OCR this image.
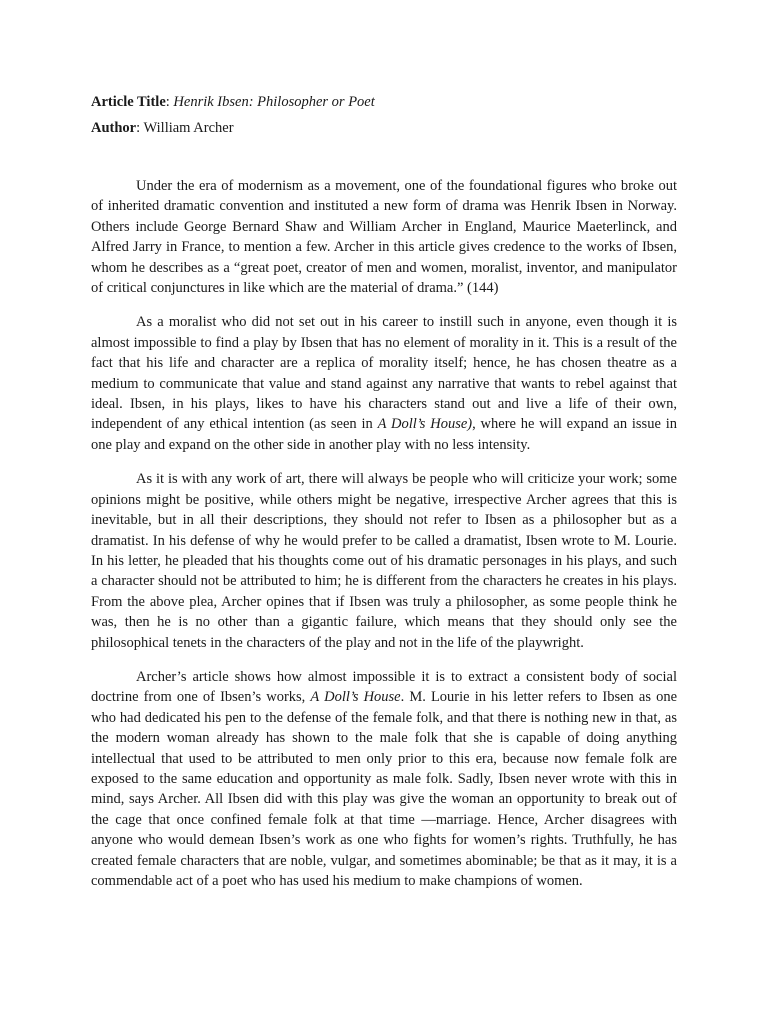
Article Title: Henrik Ibsen: Philosopher or Poet

Author: William Archer

Under the era of modernism as a movement, one of the foundational figures who broke out of inherited dramatic convention and instituted a new form of drama was Henrik Ibsen in Norway. Others include George Bernard Shaw and William Archer in England, Maurice Maeterlinck, and Alfred Jarry in France, to mention a few. Archer in this article gives credence to the works of Ibsen, whom he describes as a “great poet, creator of men and women, moralist, inventor, and manipulator of critical conjunctures in like which are the material of drama.” (144)

As a moralist who did not set out in his career to instill such in anyone, even though it is almost impossible to find a play by Ibsen that has no element of morality in it. This is a result of the fact that his life and character are a replica of morality itself; hence, he has chosen theatre as a medium to communicate that value and stand against any narrative that wants to rebel against that ideal. Ibsen, in his plays, likes to have his characters stand out and live a life of their own, independent of any ethical intention (as seen in A Doll’s House), where he will expand an issue in one play and expand on the other side in another play with no less intensity.

As it is with any work of art, there will always be people who will criticize your work; some opinions might be positive, while others might be negative, irrespective Archer agrees that this is inevitable, but in all their descriptions, they should not refer to Ibsen as a philosopher but as a dramatist. In his defense of why he would prefer to be called a dramatist, Ibsen wrote to M. Lourie. In his letter, he pleaded that his thoughts come out of his dramatic personages in his plays, and such a character should not be attributed to him; he is different from the characters he creates in his plays. From the above plea, Archer opines that if Ibsen was truly a philosopher, as some people think he was, then he is no other than a gigantic failure, which means that they should only see the philosophical tenets in the characters of the play and not in the life of the playwright.

Archer’s article shows how almost impossible it is to extract a consistent body of social doctrine from one of Ibsen’s works, A Doll’s House. M. Lourie in his letter refers to Ibsen as one who had dedicated his pen to the defense of the female folk, and that there is nothing new in that, as the modern woman already has shown to the male folk that she is capable of doing anything intellectual that used to be attributed to men only prior to this era, because now female folk are exposed to the same education and opportunity as male folk. Sadly, Ibsen never wrote with this in mind, says Archer. All Ibsen did with this play was give the woman an opportunity to break out of the cage that once confined female folk at that time —marriage. Hence, Archer disagrees with anyone who would demean Ibsen’s work as one who fights for women’s rights. Truthfully, he has created female characters that are noble, vulgar, and sometimes abominable; be that as it may, it is a commendable act of a poet who has used his medium to make champions of women.
